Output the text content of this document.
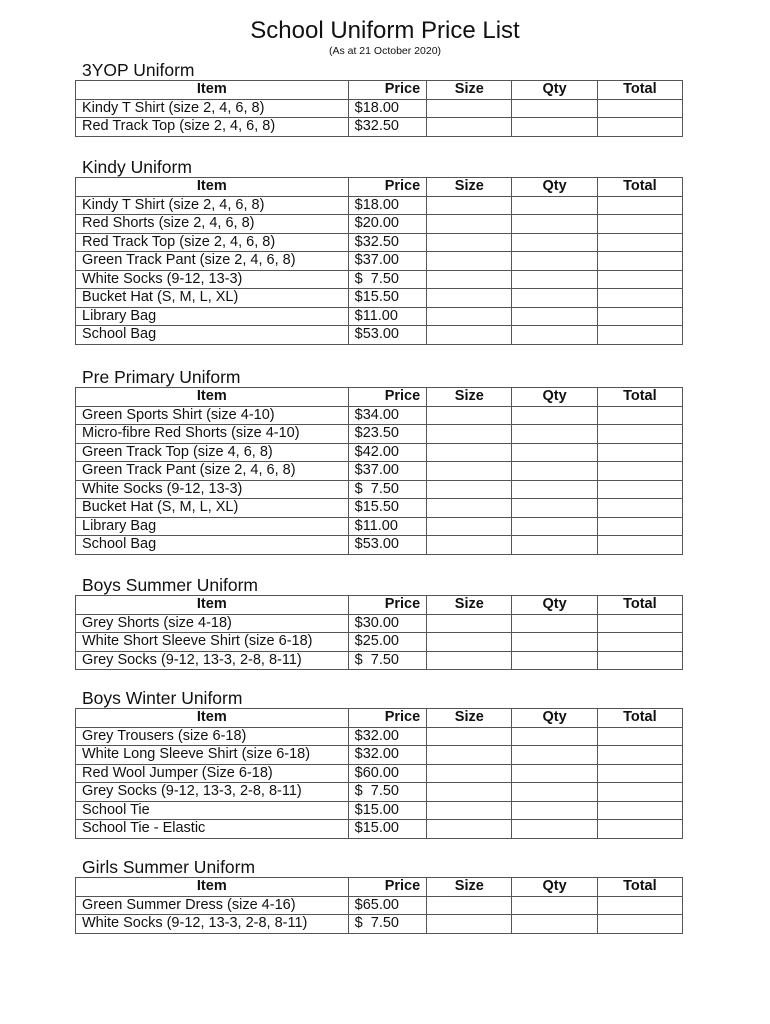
School Uniform Price List
(As at 21 October 2020)
3YOP Uniform
Item	Price	Size	Qty	Total
Kindy T Shirt (size 2, 4, 6, 8)	$18.00			
Red Track Top (size 2, 4, 6, 8)	$32.50			
Kindy Uniform
Item	Price	Size	Qty	Total
Kindy T Shirt (size 2, 4, 6, 8)	$18.00			
Red Shorts (size 2, 4, 6, 8)	$20.00			
Red Track Top (size 2, 4, 6, 8)	$32.50			
Green Track Pant (size 2, 4, 6, 8)	$37.00			
White Socks (9-12, 13-3)	$  7.50			
Bucket Hat (S, M, L, XL)	$15.50			
Library Bag	$11.00			
School Bag	$53.00			
Pre Primary Uniform
Item	Price	Size	Qty	Total
Green Sports Shirt (size 4-10)	$34.00			
Micro-fibre Red Shorts (size 4-10)	$23.50			
Green Track Top (size 4, 6, 8)	$42.00			
Green Track Pant (size 2, 4, 6, 8)	$37.00			
White Socks (9-12, 13-3)	$  7.50			
Bucket Hat (S, M, L, XL)	$15.50			
Library Bag	$11.00			
School Bag	$53.00			
Boys Summer Uniform
Item	Price	Size	Qty	Total
Grey Shorts (size 4-18)	$30.00			
White Short Sleeve Shirt (size 6-18)	$25.00			
Grey Socks (9-12, 13-3, 2-8, 8-11)	$  7.50			
Boys Winter Uniform
Item	Price	Size	Qty	Total
Grey Trousers (size 6-18)	$32.00			
White Long Sleeve Shirt (size 6-18)	$32.00			
Red Wool Jumper (Size 6-18)	$60.00			
Grey Socks (9-12, 13-3, 2-8, 8-11)	$  7.50			
School Tie	$15.00			
School Tie - Elastic	$15.00			
Girls Summer Uniform
Item	Price	Size	Qty	Total
Green Summer Dress (size 4-16)	$65.00			
White Socks (9-12, 13-3, 2-8, 8-11)	$  7.50			
